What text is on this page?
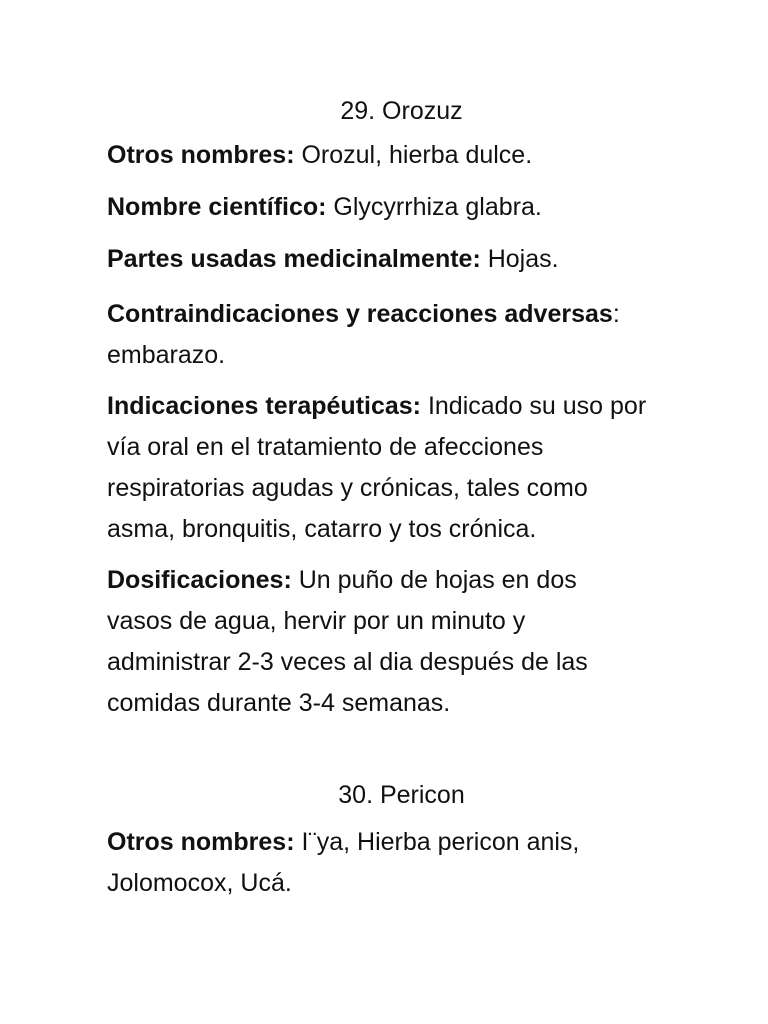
29. Orozuz
Otros nombres: Orozul, hierba dulce.
Nombre científico: Glycyrrhiza glabra.
Partes usadas medicinalmente: Hojas.
Contraindicaciones y reacciones adversas: embarazo.
Indicaciones terapéuticas: Indicado su uso por vía oral en el tratamiento de afecciones respiratorias agudas y crónicas, tales como asma, bronquitis, catarro y tos crónica.
Dosificaciones: Un puño de hojas en dos vasos de agua, hervir por un minuto y administrar 2-3 veces al dia después de las comidas durante 3-4 semanas.
30. Pericon
Otros nombres: I¨ya, Hierba pericon anis, Jolomocox, Ucá.
